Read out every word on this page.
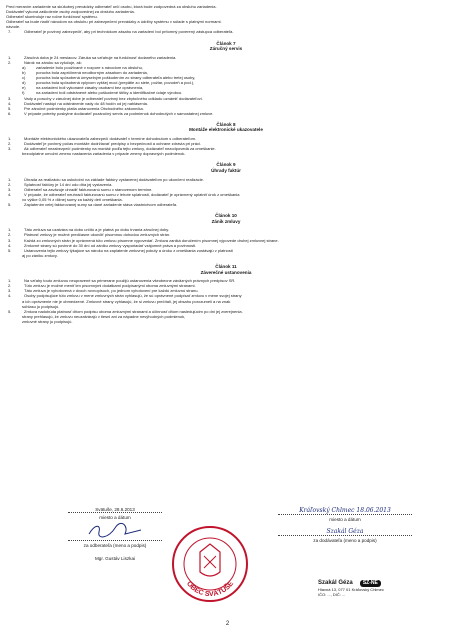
Pred meraním zariadenie sa skúšobný prevádzky odberateľ určí osobu, ktorá bude zodpovedná za obsluhu zariadenia.
Dodávateľ vykoná zaškolenie osoby zodpovednej za obsluhu zariadenia.
Odberateľ skontroluje raz ročne funkčnosť systému.
Odberateľ sa bude riadiť návodom na obsluhu pri zabezpečení prevádzky a údržby systému v súlade s platnými normami.
návode.
7.	Odberateľ je povinný zabezpečiť, aby pri technickom zásahu na zariadení bol prítomný poverený zástupca odberateľa.
Článok 7
Záručný servis
1.	Záručná doba je 24 mesiacov. Záruka sa vzťahuje na funkčnosť dodaného zariadenia.
2.	Nárok na záruku sa vylučuje, ak:
a)	zariadenie bolo používané v rozpore s návodom na obsluhu,
b)	porucha bola zapríčinená neodborným zásahom do zariadenia,
c)	porucha bola spôsobená úmyselným poškodením zo strany odberateľa alebo tretej osoby,
d)	porucha bola spôsobená vplyvom vyššej moci (prepätie zo siete, požiar, povodeň a pod.),
e)	na zariadení boli vykonané zásahy osobami bez oprávnenia,
f)	na zariadení boli odstránené alebo poškodené štítky a identifikačné údaje výrobcu.
3.	Vady a poruchy v záručnej dobe je odberateľ povinný bez zbytočného odkladu oznámiť dodávateľovi.
4.	Dodávateľ nastúpi na odstránenie vady do 48 hodín od jej nahlásenia.
5.	Pre záručné podmienky platia ustanovenia Obchodného zákonníka.
6.	V prípade potreby poskytne dodávateľ pozáručný servis za podmienok dohodnutých v samostatnej zmluve.
Článok 8
Montáže elektronické ukazovatele
1.	Montáže elektronického ukazovateľa zabezpečí dodávateľ v termíne dohodnutom s odberateľom.
2.	Dodávateľ je povinný počas montáže dodržiavať predpisy o bezpečnosti a ochrane zdravia pri práci.
3.	Ak odberateľ nezabezpečí podmienky na montáž podľa tejto zmluvy, dodávateľ nezodpovedá za omeškanie.
bezodplatne umožní zmenu nastavenia zariadenia v prípade zmeny dopravných podmienok.
Článok 9
Úhrady faktúr
1.	Úhrada za realizáciu sa uskutoční na základe faktúry vystavenej dodávateľom po ukončení realizácie.
2.	Splatnosť faktúry je 14 dní odo dňa jej vystavenia.
3.	Odberateľ sa zaväzuje uhradiť fakturovanú sumu v stanovenom termíne.
4.	V prípade, že odberateľ neuhradí fakturovanú sumu v lehote splatnosti, dodávateľ je oprávnený uplatniť úrok z omeškania
vo výške 0,05 % z dlžnej sumy za každý deň omeškania.
5.	Zaplatením celej fakturovanej sumy sa dané zariadenie stáva vlastníctvom odberateľa.
Článok 10
Zánik zmluvy
1.	Táto zmluva sa uzatvára na dobu určitú a je platná po dobu trvania záručnej doby.
2.	Platnosť zmluvy je možné predčasne ukončiť písomnou dohodou zmluvných strán.
3.	Každá zo zmluvných strán je oprávnená túto zmluvu písomne vypovedať. Zmluva zaniká doručením písomnej výpovede druhej zmluvnej strane.
4.	Zmluvné strany sú povinné do 30 dní od zániku zmluvy vysporiadať vzájomné práva a povinnosti.
5.	Ustanovenia tejto zmluvy týkajúce sa nároku na zaplatenie zmluvnej pokuty a úroku z omeškania zostávajú v platnosti
aj po zániku zmluvy.
Článok 11
Záverečné ustanovenia
1.	Na vzťahy touto zmluvou neupravené sa primerane použijú ustanovenia všeobecne záväzných právnych predpisov SR.
2.	Túto zmluvu je možné meniť len písomnými dodatkami podpísanými oboma zmluvnými stranami.
3.	Táto zmluva je vyhotovená v dvoch rovnopisoch, po jednom vyhotovení pre každú zmluvnú stranu.
4.	Osoby podpisujúce túto zmluvu v mene zmluvných strán vyhlasujú, že sú oprávnené podpísať zmluvu v mene svojej strany
a ich oprávnenie nie je obmedzené. Zmluvné strany vyhlasujú, že si zmluvu prečítali, jej obsahu porozumeli a na znak
súhlasu ju podpisujú.
5.	Zmluva nadobúda platnosť dňom podpisu oboma zmluvnými stranami a účinnosť dňom nasledujúcim po dni jej zverejnenia.
strany prehlasujú, že zmluvu neuzatvárajú v tiesni ani za nápadne nevýhodných podmienok,
zmluvné strany ju podpisujú.
Svätuše, 28.6.2013
miesto a dátum
za odberateľa (meno a podpis)
Mgr. Gustáv Liszkai
Kráľovský Chlmec 18.06.2013
miesto a dátum
Szakál Géza
za dodávateľa (meno a podpis)
OBEC SVÄTUŠE	Szakál Géza SZ-NE
Hlavná 13, 077 01 Kráľovský Chlmec
IČO: ..., DIČ: ...
2
